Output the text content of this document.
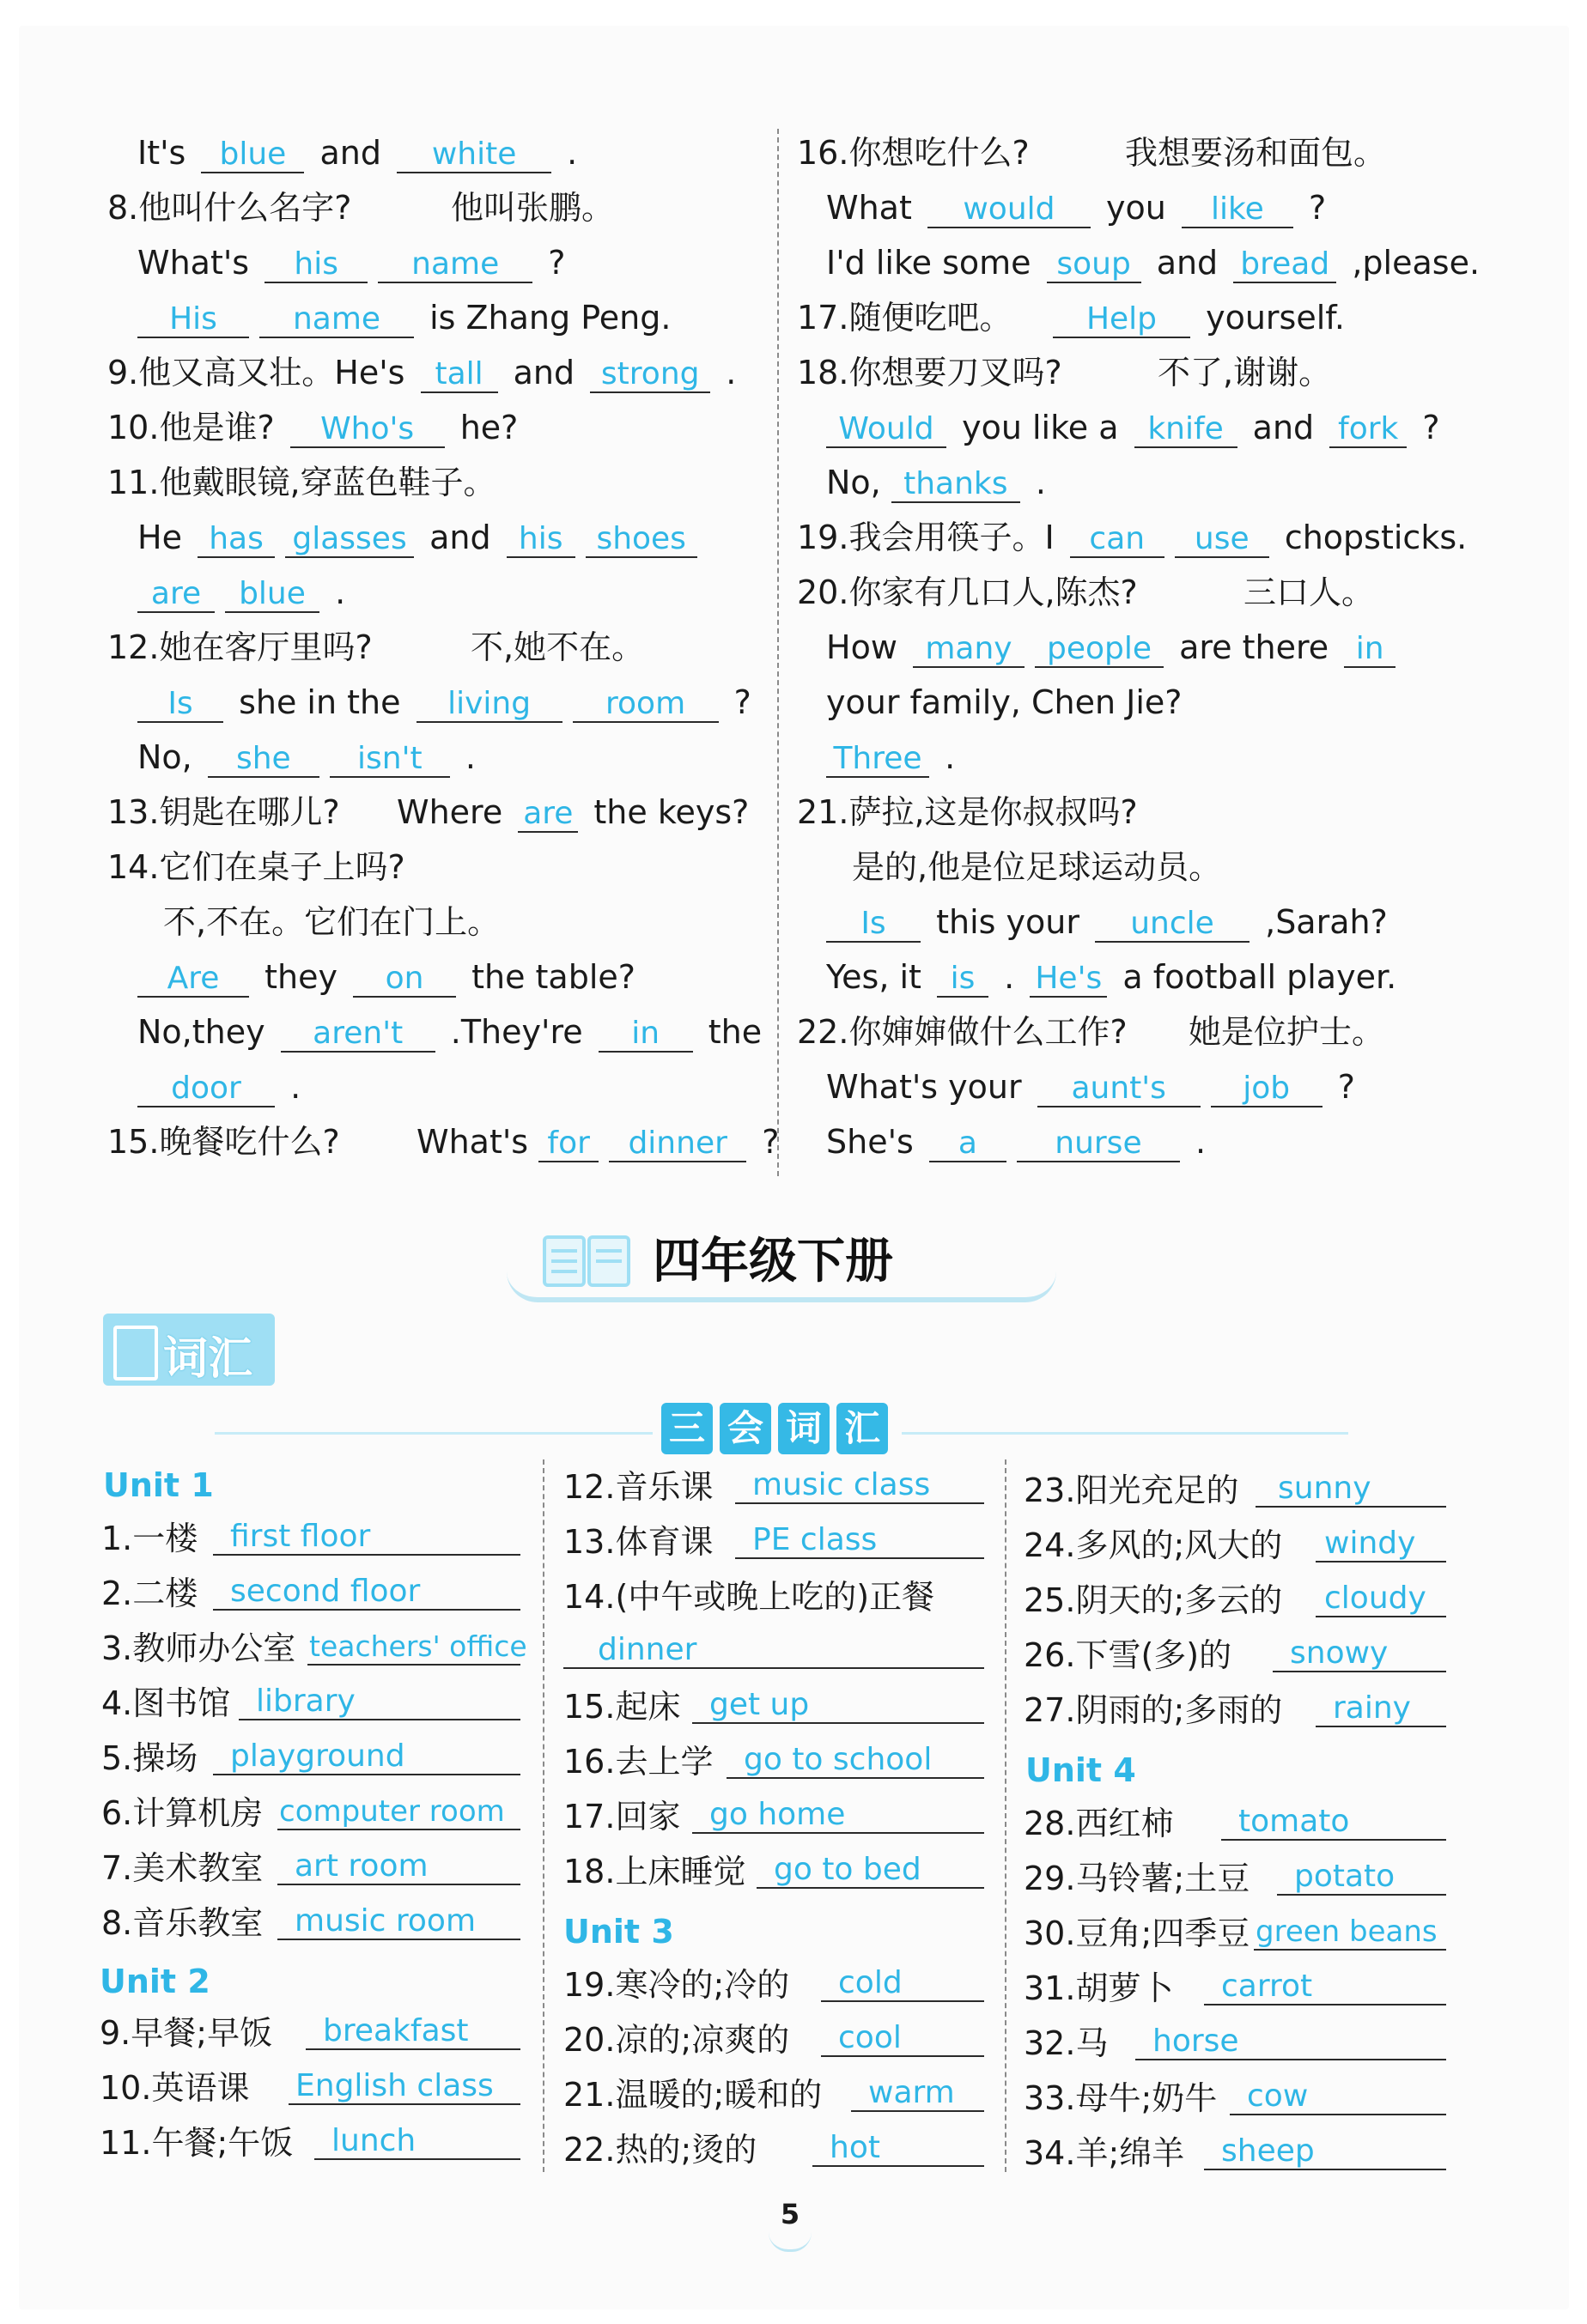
It's blue and white .
8.他叫什么名字?	他叫张鹏。
What's his name ?
His name is Zhang Peng.
9.他又高又壮。He's tall and strong .
10.他是谁? Who's he?
11.他戴眼镜,穿蓝色鞋子。
He has glasses and his shoes
are blue .
12.她在客厅里吗?	不,她不在。
Is she in the living room ?
No, she isn't .
13.钥匙在哪儿? Where are the keys?
14.它们在桌子上吗?
不,不在。它们在门上。
Are they on the table?
No,they aren't .They're in the
door .
15.晚餐吃什么? What's for dinner ?
16.你想吃什么?	我想要汤和面包。
What would you like ?
I'd like some soup and bread ,please.
17.随便吃吧。	Help yourself.
18.你想要刀叉吗?	不了,谢谢。
Would you like a knife and fork ?
No, thanks .
19.我会用筷子。I can use chopsticks.
20.你家有几口人,陈杰?	三口人。
How many people are there in
your family, Chen Jie?
Three .
21.萨拉,这是你叔叔吗?
是的,他是位足球运动员。
Is this your uncle ,Sarah?
Yes, it is . He's a football player.
22.你婶婶做什么工作? 她是位护士。
What's your aunt's job ?
She's a	nurse .
四年级下册
词汇
三 会 词 汇
Unit 1
1.一楼	first floor
2.二楼	second floor
3.教师办公室 teachers' office
4.图书馆 library
5.操场	playground
6.计算机房 computer room
7.美术教室	art room
8.音乐教室	music room
Unit 2
9.早餐;早饭	breakfast
10.英语课 English class
11.午餐;午饭	lunch
12.音乐课	music class
13.体育课	PE class
14.(中午或晚上吃的)正餐
dinner
15.起床 get up
16.去上学 go to school
17.回家 go home
18.上床睡觉 go to bed
Unit 3
19.寒冷的;冷的	cold
20.凉的;凉爽的	cool
21.温暖的;暖和的	warm
22.热的;烫的	hot
23.阳光充足的	sunny
24.多风的;风大的 windy
25.阴天的;多云的 cloudy
26.下雪(多)的	snowy
27.阴雨的;多雨的	rainy
Unit 4
28.西红柿	tomato
29.马铃薯;土豆	potato
30.豆角;四季豆 green beans
31.胡萝卜	carrot
32.马	horse
33.母牛;奶牛 cow
34.羊;绵羊	sheep
5
